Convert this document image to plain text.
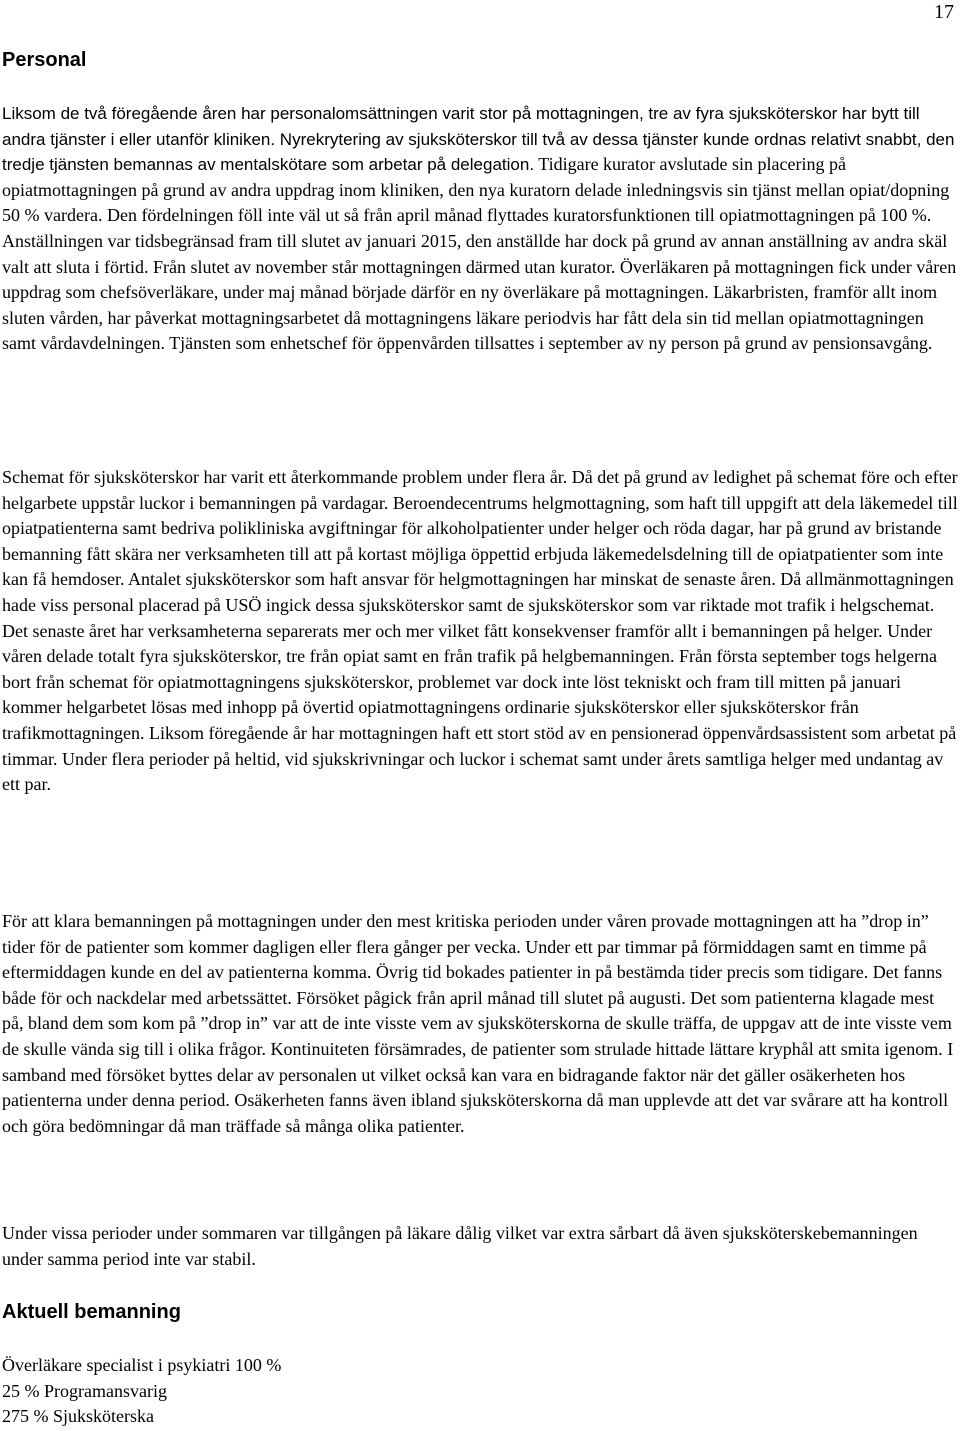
17
Personal

Liksom de två föregående åren har personalomsättningen varit stor på mottagningen, tre av fyra sjuksköterskor har bytt till andra tjänster i eller utanför kliniken. Nyrekrytering av sjuksköterskor till två av dessa tjänster kunde ordnas relativt snabbt, den tredje tjänsten bemannas av mentalskötare som arbetar på delegation. Tidigare kurator avslutade sin placering på opiatmottagningen på grund av andra uppdrag inom kliniken, den nya kuratorn delade inledningsvis sin tjänst mellan opiat/dopning 50 % vardera. Den fördelningen föll inte väl ut så från april månad flyttades kuratorsfunktionen till opiatmottagningen på 100 %. Anställningen var tidsbegränsad fram till slutet av januari 2015, den anställde har dock på grund av annan anställning av andra skäl valt att sluta i förtid. Från slutet av november står mottagningen därmed utan kurator. Överläkaren på mottagningen fick under våren uppdrag som chefsöverläkare, under maj månad började därför en ny överläkare på mottagningen. Läkarbristen, framför allt inom sluten vården, har påverkat mottagningsarbetet då mottagningens läkare periodvis har fått dela sin tid mellan opiatmottagningen samt vårdavdelningen. Tjänsten som enhetschef för öppenvården tillsattes i september av ny person på grund av pensionsavgång.

Schemat för sjuksköterskor har varit ett återkommande problem under flera år. Då det på grund av ledighet på schemat före och efter helgarbete uppstår luckor i bemanningen på vardagar. Beroendecentrums helgmottagning, som haft till uppgift att dela läkemedel till opiatpatienterna samt bedriva polikliniska avgiftningar för alkoholpatienter under helger och röda dagar, har på grund av bristande bemanning fått skära ner verksamheten till att på kortast möjliga öppettid erbjuda läkemedelsdelning till de opiatpatienter som inte kan få hemdoser. Antalet sjuksköterskor som haft ansvar för helgmottagningen har minskat de senaste åren. Då allmänmottagningen hade viss personal placerad på USÖ ingick dessa sjuksköterskor samt de sjuksköterskor som var riktade mot trafik i helgschemat. Det senaste året har verksamheterna separerats mer och mer vilket fått konsekvenser framför allt i bemanningen på helger. Under våren delade totalt fyra sjuksköterskor, tre från opiat samt en från trafik på helgbemanningen. Från första september togs helgerna bort från schemat för opiatmottagningens sjuksköterskor, problemet var dock inte löst tekniskt och fram till mitten på januari kommer helgarbetet lösas med inhopp på övertid opiatmottagningens ordinarie sjuksköterskor eller sjuksköterskor från trafikmottagningen. Liksom föregående år har mottagningen haft ett stort stöd av en pensionerad öppenvårdsassistent som arbetat på timmar. Under flera perioder på heltid, vid sjukskrivningar och luckor i schemat samt under årets samtliga helger med undantag av ett par.

För att klara bemanningen på mottagningen under den mest kritiska perioden under våren provade mottagningen att ha ”drop in” tider för de patienter som kommer dagligen eller flera gånger per vecka. Under ett par timmar på förmiddagen samt en timme på eftermiddagen kunde en del av patienterna komma. Övrig tid bokades patienter in på bestämda tider precis som tidigare. Det fanns både för och nackdelar med arbetssättet. Försöket pågick från april månad till slutet på augusti. Det som patienterna klagade mest på, bland dem som kom på ”drop in” var att de inte visste vem av sjuksköterskorna de skulle träffa, de uppgav att de inte visste vem de skulle vända sig till i olika frågor. Kontinuiteten försämrades, de patienter som strulade hittade lättare kryphål att smita igenom. I samband med försöket byttes delar av personalen ut vilket också kan vara en bidragande faktor när det gäller osäkerheten hos patienterna under denna period. Osäkerheten fanns även ibland sjuksköterskorna då man upplevde att det var svårare att ha kontroll och göra bedömningar då man träffade så många olika patienter.

Under vissa perioder under sommaren var tillgången på läkare dålig vilket var extra sårbart då även sjuksköterskebemanningen under samma period inte var stabil.

Aktuell bemanning
Överläkare specialist i psykiatri 100 %
25 % Programansvarig
275 % Sjuksköterska
